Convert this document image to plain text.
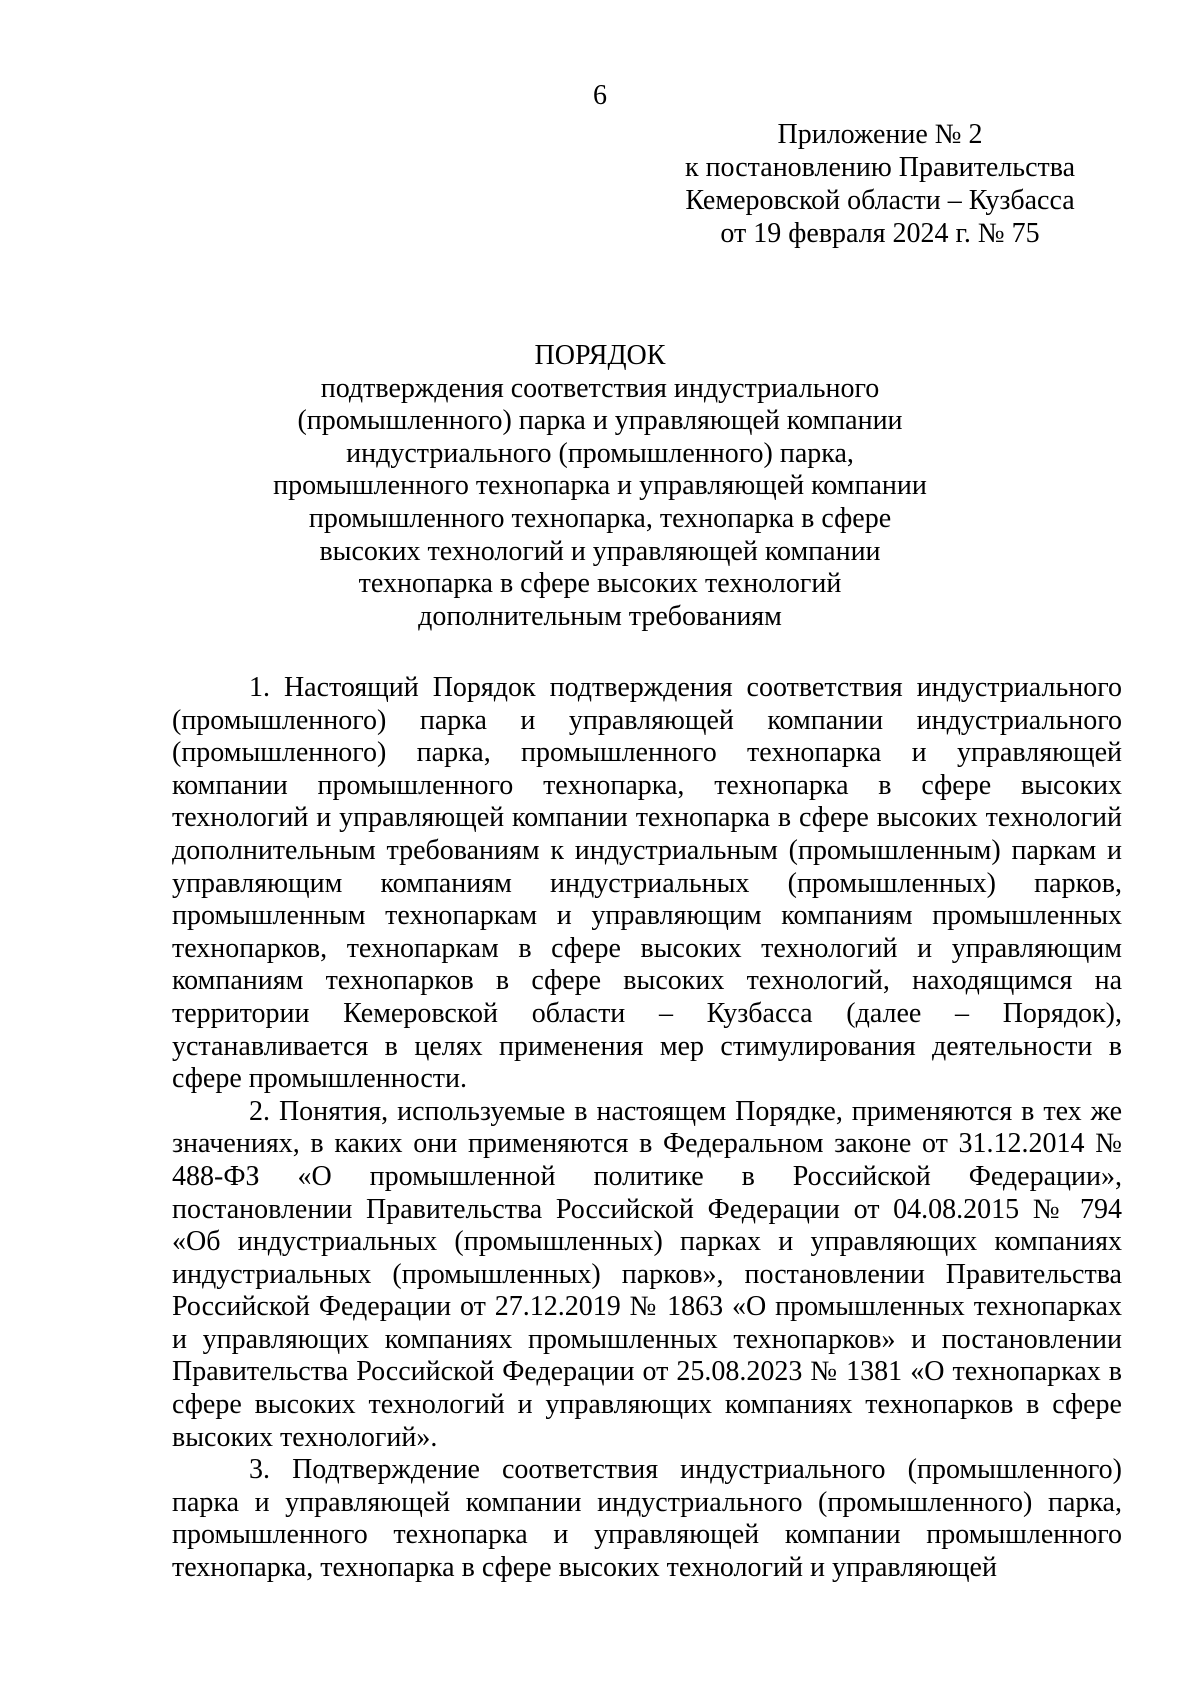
6
Приложение № 2
к постановлению Правительства
Кемеровской области – Кузбасса
от 19 февраля 2024 г. № 75
ПОРЯДОК
подтверждения соответствия индустриального
(промышленного) парка и управляющей компании
индустриального (промышленного) парка,
промышленного технопарка и управляющей компании
промышленного технопарка, технопарка в сфере
высоких технологий и управляющей компании
технопарка в сфере высоких технологий
дополнительным требованиям

1. Настоящий Порядок подтверждения соответствия индустриального (промышленного) парка и управляющей компании индустриального (промышленного) парка, промышленного технопарка и управляющей компании промышленного технопарка, технопарка в сфере высоких технологий и управляющей компании технопарка в сфере высоких технологий дополнительным требованиям к индустриальным (промышленным) паркам и управляющим компаниям индустриальных (промышленных) парков, промышленным технопаркам и управляющим компаниям промышленных технопарков, технопаркам в сфере высоких технологий и управляющим компаниям технопарков в сфере высоких технологий, находящимся на территории Кемеровской области – Кузбасса (далее – Порядок), устанавливается в целях применения мер стимулирования деятельности в сфере промышленности.

2. Понятия, используемые в настоящем Порядке, применяются в тех же значениях, в каких они применяются в Федеральном законе от 31.12.2014 № 488-ФЗ «О промышленной политике в Российской Федерации», постановлении Правительства Российской Федерации от 04.08.2015 № 794 «Об индустриальных (промышленных) парках и управляющих компаниях индустриальных (промышленных) парков», постановлении Правительства Российской Федерации от 27.12.2019 № 1863 «О промышленных технопарках и управляющих компаниях промышленных технопарков» и постановлении Правительства Российской Федерации от 25.08.2023 № 1381 «О технопарках в сфере высоких технологий и управляющих компаниях технопарков в сфере высоких технологий».

3. Подтверждение соответствия индустриального (промышленного) парка и управляющей компании индустриального (промышленного) парка, промышленного технопарка и управляющей компании промышленного технопарка, технопарка в сфере высоких технологий и управляющей
